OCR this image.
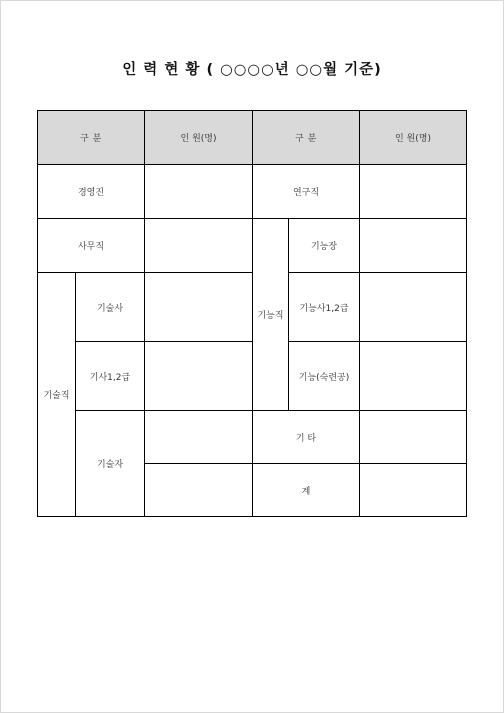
인 력 현 황 ( ○○○○년 ○○월 기준)
구 분		인 원(명)	구 분		인 원(명)
경영진			연구직		
사무직			기능직	기능장	
기술직	기술사			기능사1,2급	
	기사1,2급			기능(숙련공)	
	기술자		기 타		
			계		
